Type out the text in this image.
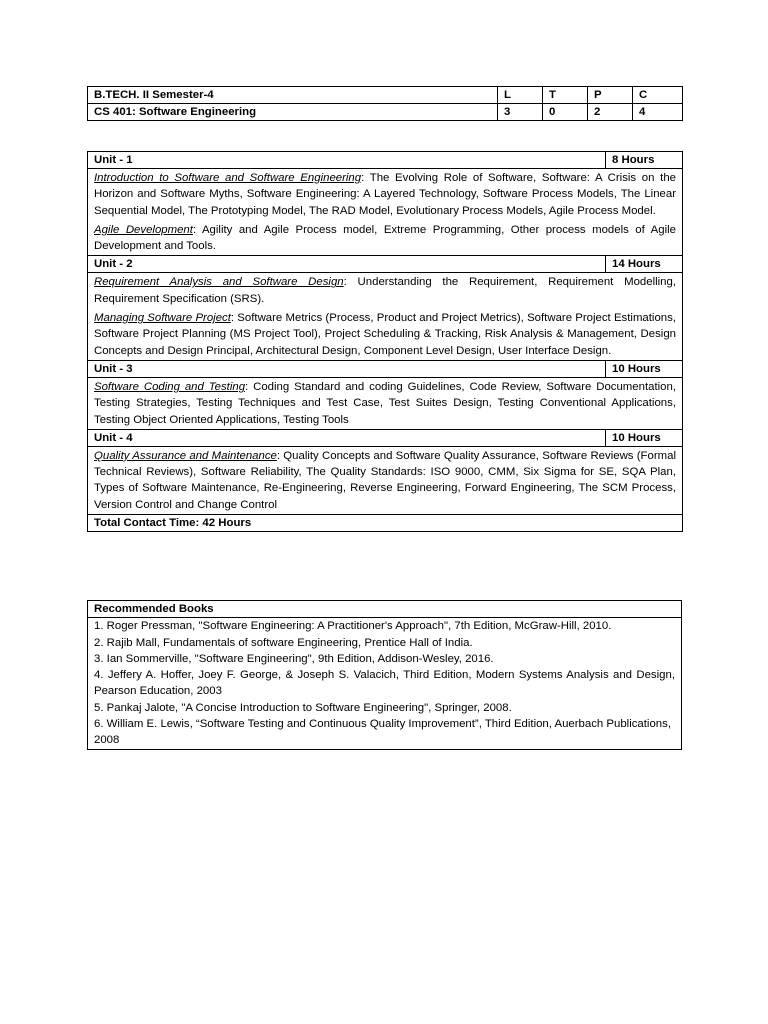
B.TECH. II Semester-4	L	T	P	C
CS 401: Software Engineering	3	0	2	4
Unit - 1	8 Hours

Introduction to Software and Software Engineering: The Evolving Role of Software, Software: A Crisis on the Horizon and Software Myths, Software Engineering: A Layered Technology, Software Process Models, The Linear Sequential Model, The Prototyping Model, The RAD Model, Evolutionary Process Models, Agile Process Model.

Agile Development: Agility and Agile Process model, Extreme Programming, Other process models of Agile Development and Tools.	

Unit - 2	14 Hours

Requirement Analysis and Software Design: Understanding the Requirement, Requirement Modelling, Requirement Specification (SRS).

Managing Software Project: Software Metrics (Process, Product and Project Metrics), Software Project Estimations, Software Project Planning (MS Project Tool), Project Scheduling & Tracking, Risk Analysis & Management, Design Concepts and Design Principal, Architectural Design, Component Level Design, User Interface Design.	

Unit - 3	10 Hours

Software Coding and Testing: Coding Standard and coding Guidelines, Code Review, Software Documentation, Testing Strategies, Testing Techniques and Test Case, Test Suites Design, Testing Conventional Applications, Testing Object Oriented Applications, Testing Tools	

Unit - 4	10 Hours

Quality Assurance and Maintenance: Quality Concepts and Software Quality Assurance, Software Reviews (Formal Technical Reviews), Software Reliability, The Quality Standards: ISO 9000, CMM, Six Sigma for SE, SQA Plan, Types of Software Maintenance, Re-Engineering, Reverse Engineering, Forward Engineering, The SCM Process, Version Control and Change Control	

Total Contact Time: 42 Hours	
Recommended Books

1. Roger Pressman, "Software Engineering: A Practitioner's Approach", 7th Edition, McGraw-Hill, 2010.

2. Rajib Mall, Fundamentals of software Engineering, Prentice Hall of India.

3. Ian Sommerville, "Software Engineering", 9th Edition, Addison-Wesley, 2016.

4. Jeffery A. Hoffer, Joey F. George, & Joseph S. Valacich, Third Edition, Modern Systems Analysis and Design, Pearson Education, 2003

5. Pankaj Jalote, "A Concise Introduction to Software Engineering", Springer, 2008.

6. William E. Lewis, “Software Testing and Continuous Quality Improvement”, Third Edition, Auerbach Publications, 2008
